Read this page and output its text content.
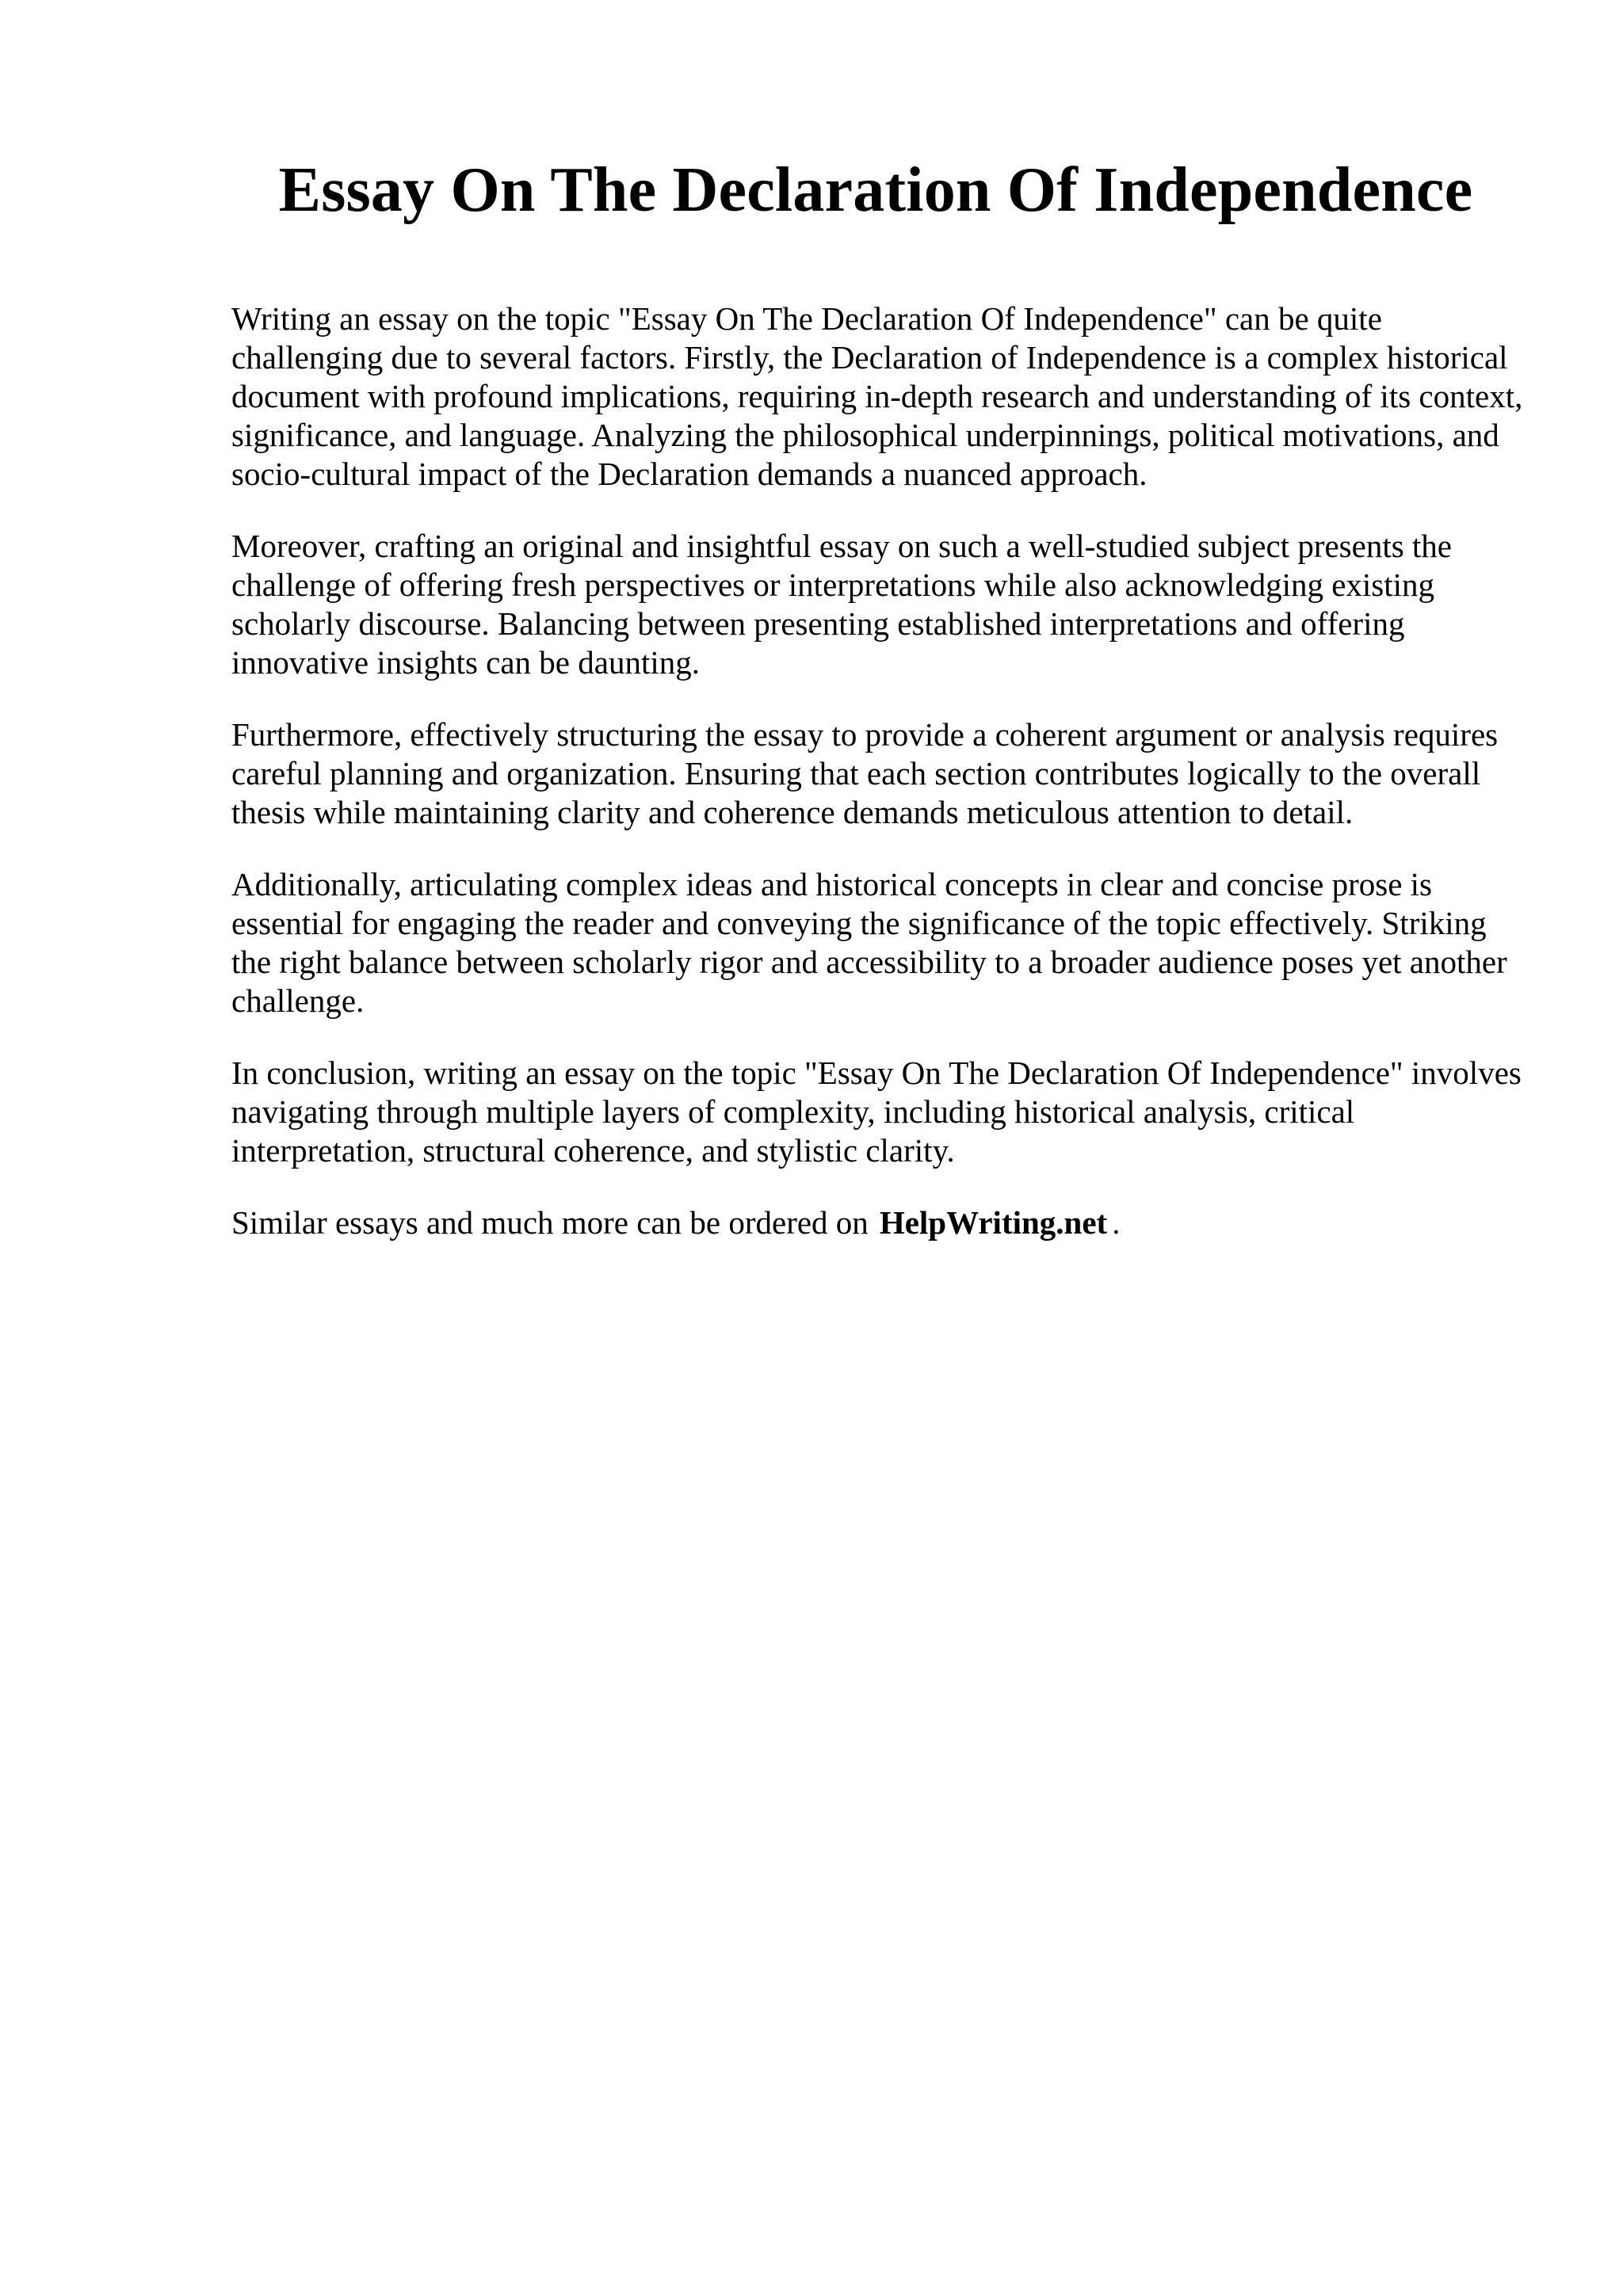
Essay On The Declaration Of Independence

Writing an essay on the topic "Essay On The Declaration Of Independence" can be quite challenging due to several factors. Firstly, the Declaration of Independence is a complex historical document with profound implications, requiring in-depth research and understanding of its context, significance, and language. Analyzing the philosophical underpinnings, political motivations, and socio-cultural impact of the Declaration demands a nuanced approach.

Moreover, crafting an original and insightful essay on such a well-studied subject presents the challenge of offering fresh perspectives or interpretations while also acknowledging existing scholarly discourse. Balancing between presenting established interpretations and offering innovative insights can be daunting.

Furthermore, effectively structuring the essay to provide a coherent argument or analysis requires careful planning and organization. Ensuring that each section contributes logically to the overall thesis while maintaining clarity and coherence demands meticulous attention to detail.

Additionally, articulating complex ideas and historical concepts in clear and concise prose is essential for engaging the reader and conveying the significance of the topic effectively. Striking the right balance between scholarly rigor and accessibility to a broader audience poses yet another challenge.

In conclusion, writing an essay on the topic "Essay On The Declaration Of Independence" involves navigating through multiple layers of complexity, including historical analysis, critical interpretation, structural coherence, and stylistic clarity.

Similar essays and much more can be ordered on HelpWriting.net .
